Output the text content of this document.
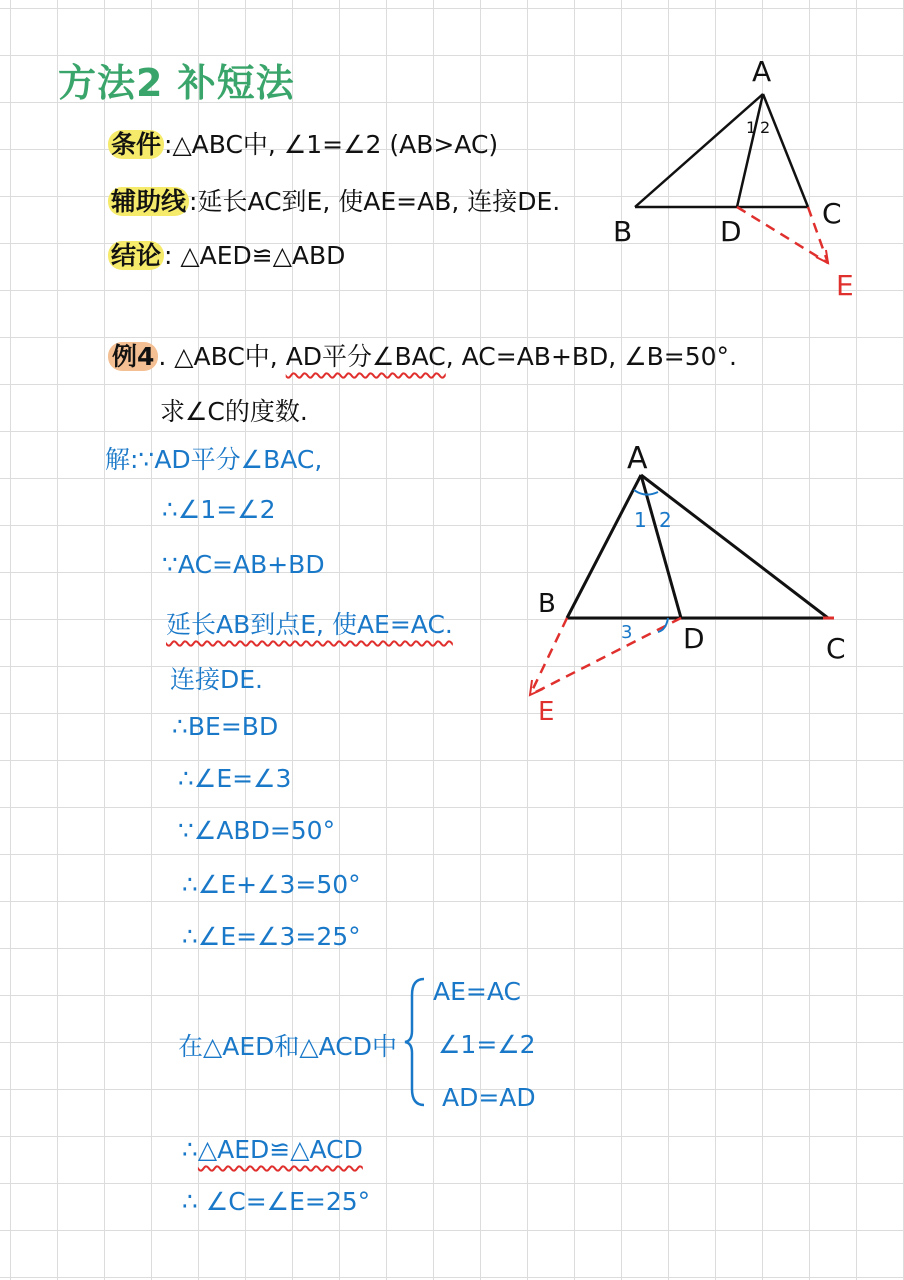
方法2 补短法
条件 :△ABC中, ∠1=∠2 (AB>AC)
辅助线 :延长AC到E, 使AE=AB, 连接DE.
结论 : △AED≌△ABD
A
B
C
D
E
1 2
例4 . △ABC中, AD平分∠BAC, AC=AB+BD, ∠B=50°.
求∠C的度数.
解:∵AD平分∠BAC,
∴∠1=∠2
∵AC=AB+BD
延长AB到点E, 使AE=AC.
连接DE.
∴BE=BD
∴∠E=∠3
∵∠ABD=50°
∴∠E+∠3=50°
∴∠E=∠3=25°
在△AED和△ACD中
AE=AC
∠1=∠2
AD=AD
∴△AED≌△ACD
∴ ∠C=∠E=25°
A
B
C
D
E
1 2
3
